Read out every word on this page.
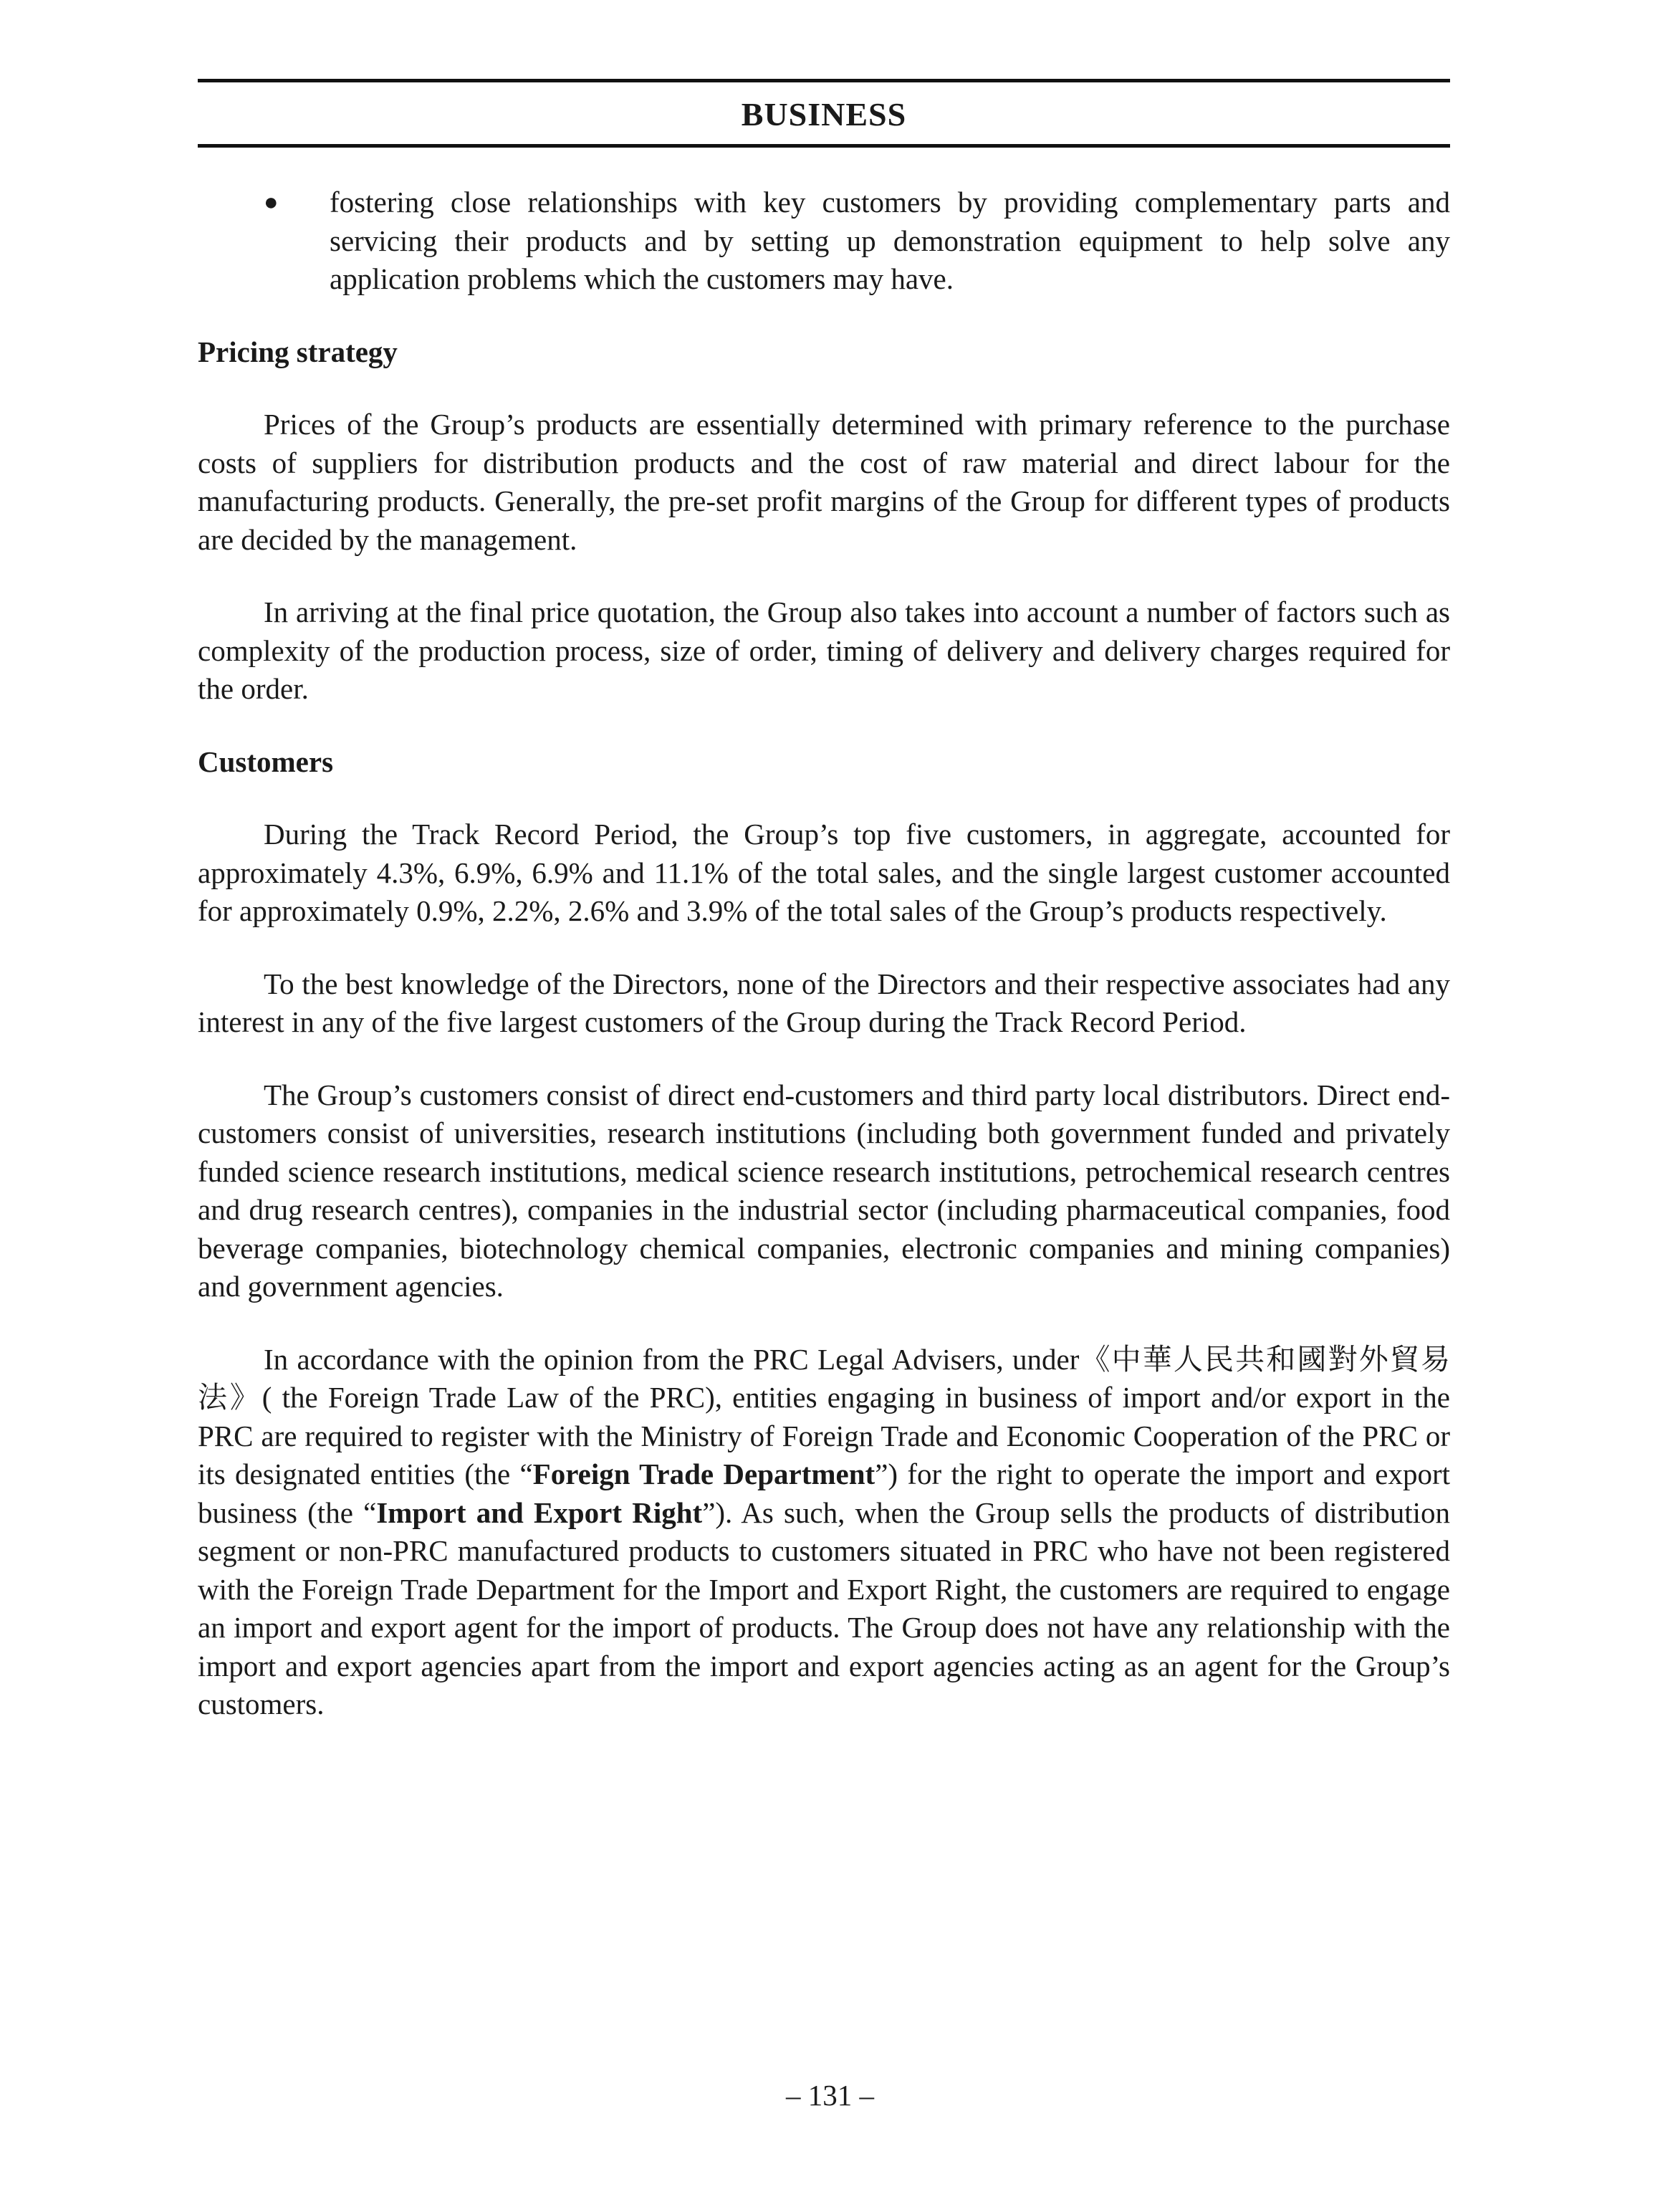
BUSINESS
●	fostering close relationships with key customers by providing complementary parts and servicing their products and by setting up demonstration equipment to help solve any application problems which the customers may have.

Pricing strategy

Prices of the Group’s products are essentially determined with primary reference to the purchase costs of suppliers for distribution products and the cost of raw material and direct labour for the manufacturing products. Generally, the pre-set profit margins of the Group for different types of products are decided by the management.

In arriving at the final price quotation, the Group also takes into account a number of factors such as complexity of the production process, size of order, timing of delivery and delivery charges required for the order.

Customers

During the Track Record Period, the Group’s top five customers, in aggregate, accounted for approximately 4.3%, 6.9%, 6.9% and 11.1% of the total sales, and the single largest customer accounted for approximately 0.9%, 2.2%, 2.6% and 3.9% of the total sales of the Group’s products respectively.

To the best knowledge of the Directors, none of the Directors and their respective associates had any interest in any of the five largest customers of the Group during the Track Record Period.

The Group’s customers consist of direct end-customers and third party local distributors. Direct end-customers consist of universities, research institutions (including both government funded and privately funded science research institutions, medical science research institutions, petrochemical research centres and drug research centres), companies in the industrial sector (including pharmaceutical companies, food beverage companies, biotechnology chemical companies, electronic companies and mining companies) and government agencies.

In accordance with the opinion from the PRC Legal Advisers, under《中華人民共和國對外貿易法》( the Foreign Trade Law of the PRC), entities engaging in business of import and/or export in the PRC are required to register with the Ministry of Foreign Trade and Economic Cooperation of the PRC or its designated entities (the “Foreign Trade Department”) for the right to operate the import and export business (the “Import and Export Right”). As such, when the Group sells the products of distribution segment or non-PRC manufactured products to customers situated in PRC who have not been registered with the Foreign Trade Department for the Import and Export Right, the customers are required to engage an import and export agent for the import of products. The Group does not have any relationship with the import and export agencies apart from the import and export agencies acting as an agent for the Group’s customers.

– 131 –
